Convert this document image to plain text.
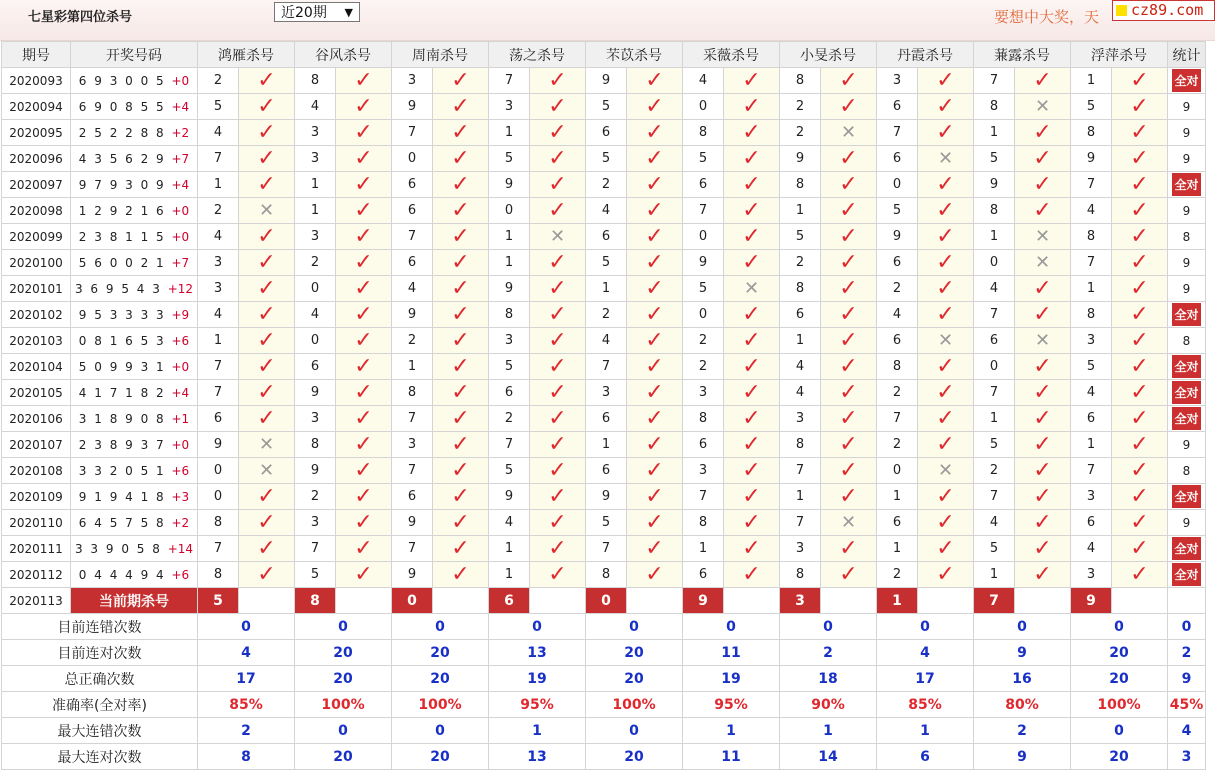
七星彩第四位杀号	近20期 ▼	要想中大奖，天	cz89.com
期号	开奖号码	鸿雁杀号		谷风杀号		周南杀号		荡之杀号		芣苡杀号		采薇杀号		小旻杀号		丹霞杀号		蒹露杀号		浮萍杀号		统计
2020093	6 9 3 0 0 5 +0	2	✓	8	✓	3	✓	7	✓	9	✓	4	✓	8	✓	3	✓	7	✓	1	✓	全对
2020094	6 9 0 8 5 5 +4	5	✓	4	✓	9	✓	3	✓	5	✓	0	✓	2	✓	6	✓	8	✕	5	✓	9
2020095	2 5 2 2 8 8 +2	4	✓	3	✓	7	✓	1	✓	6	✓	8	✓	2	✕	7	✓	1	✓	8	✓	9
2020096	4 3 5 6 2 9 +7	7	✓	3	✓	0	✓	5	✓	5	✓	5	✓	9	✓	6	✕	5	✓	9	✓	9
2020097	9 7 9 3 0 9 +4	1	✓	1	✓	6	✓	9	✓	2	✓	6	✓	8	✓	0	✓	9	✓	7	✓	全对
2020098	1 2 9 2 1 6 +0	2	✕	1	✓	6	✓	0	✓	4	✓	7	✓	1	✓	5	✓	8	✓	4	✓	9
2020099	2 3 8 1 1 5 +0	4	✓	3	✓	7	✓	1	✕	6	✓	0	✓	5	✓	9	✓	1	✕	8	✓	8
2020100	5 6 0 0 2 1 +7	3	✓	2	✓	6	✓	1	✓	5	✓	9	✓	2	✓	6	✓	0	✕	7	✓	9
2020101	3 6 9 5 4 3 +12	3	✓	0	✓	4	✓	9	✓	1	✓	5	✕	8	✓	2	✓	4	✓	1	✓	9
2020102	9 5 3 3 3 3 +9	4	✓	4	✓	9	✓	8	✓	2	✓	0	✓	6	✓	4	✓	7	✓	8	✓	全对
2020103	0 8 1 6 5 3 +6	1	✓	0	✓	2	✓	3	✓	4	✓	2	✓	1	✓	6	✕	6	✕	3	✓	8
2020104	5 0 9 9 3 1 +0	7	✓	6	✓	1	✓	5	✓	7	✓	2	✓	4	✓	8	✓	0	✓	5	✓	全对
2020105	4 1 7 1 8 2 +4	7	✓	9	✓	8	✓	6	✓	3	✓	3	✓	4	✓	2	✓	7	✓	4	✓	全对
2020106	3 1 8 9 0 8 +1	6	✓	3	✓	7	✓	2	✓	6	✓	8	✓	3	✓	7	✓	1	✓	6	✓	全对
2020107	2 3 8 9 3 7 +0	9	✕	8	✓	3	✓	7	✓	1	✓	6	✓	8	✓	2	✓	5	✓	1	✓	9
2020108	3 3 2 0 5 1 +6	0	✕	9	✓	7	✓	5	✓	6	✓	3	✓	7	✓	0	✕	2	✓	7	✓	8
2020109	9 1 9 4 1 8 +3	0	✓	2	✓	6	✓	9	✓	9	✓	7	✓	1	✓	1	✓	7	✓	3	✓	全对
2020110	6 4 5 7 5 8 +2	8	✓	3	✓	9	✓	4	✓	5	✓	8	✓	7	✕	6	✓	4	✓	6	✓	9
2020111	3 3 9 0 5 8 +14	7	✓	7	✓	7	✓	1	✓	7	✓	1	✓	3	✓	1	✓	5	✓	4	✓	全对
2020112	0 4 4 4 9 4 +6	8	✓	5	✓	9	✓	1	✓	8	✓	6	✓	8	✓	2	✓	1	✓	3	✓	全对
2020113	当前期杀号	5		8		0		6		0		9		3		1		7		9		
目前连错次数		0		0		0		0		0		0		0		0		0		0		0
目前连对次数		4		20		20		13		20		11		2		4		9		20		2
总正确次数		17		20		20		19		20		19		18		17		16		20		9
准确率(全对率)		85%		100%		100%		95%		100%		95%		90%		85%		80%		100%		45%
最大连错次数		2		0		0		1		0		1		1		1		2		0		4
最大连对次数		8		20		20		13		20		11		14		6		9		20		3
